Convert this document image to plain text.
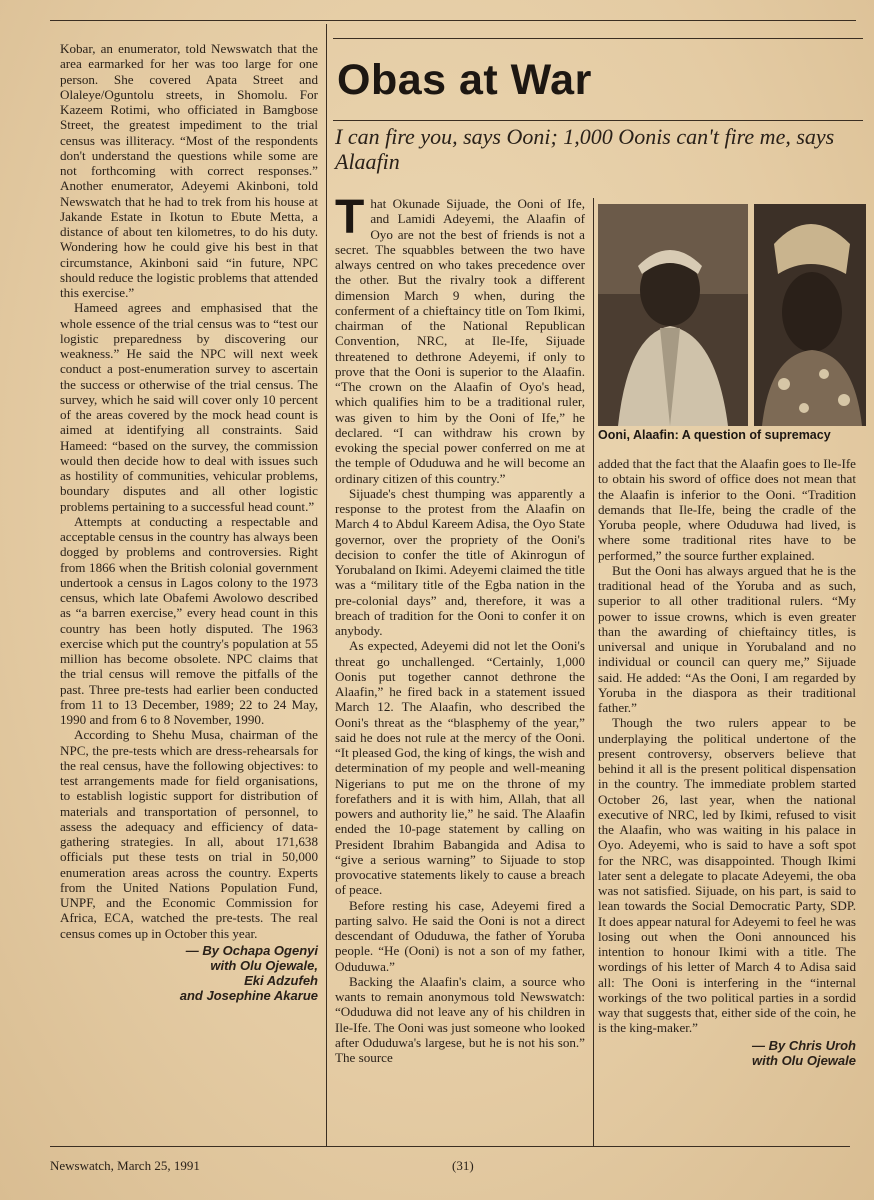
Kobar, an enumerator, told Newswatch that the area earmarked for her was too large for one person. She covered Apata Street and Olaleye/Oguntolu streets, in Shomolu. For Kazeem Rotimi, who officiated in Bamgbose Street, the greatest impediment to the trial census was illiteracy. “Most of the respondents don't understand the questions while some are not forthcoming with correct responses.” Another enumerator, Adeyemi Akinboni, told Newswatch that he had to trek from his house at Jakande Estate in Ikotun to Ebute Metta, a distance of about ten kilometres, to do his duty. Wondering how he could give his best in that circumstance, Akinboni said “in future, NPC should reduce the logistic problems that attended this exercise.”

Hameed agrees and emphasised that the whole essence of the trial census was to “test our logistic preparedness by discovering our weakness.” He said the NPC will next week conduct a post-enumeration survey to ascertain the success or otherwise of the trial census. The survey, which he said will cover only 10 percent of the areas covered by the mock head count is aimed at identifying all constraints. Said Hameed: “based on the survey, the commission would then decide how to deal with issues such as hostility of communities, vehicular problems, boundary disputes and all other logistic problems pertaining to a successful head count.”

Attempts at conducting a respectable and acceptable census in the country has always been dogged by problems and controversies. Right from 1866 when the British colonial government undertook a census in Lagos colony to the 1973 census, which late Obafemi Awolowo described as “a barren exercise,” every head count in this country has been hotly disputed. The 1963 exercise which put the country's population at 55 million has become obsolete. NPC claims that the trial census will remove the pitfalls of the past. Three pre-tests had earlier been conducted from 11 to 13 December, 1989; 22 to 24 May, 1990 and from 6 to 8 November, 1990.

According to Shehu Musa, chairman of the NPC, the pre-tests which are dress-rehearsals for the real census, have the following objectives: to test arrangements made for field organisations, to establish logistic support for distribution of materials and transportation of personnel, to assess the adequacy and efficiency of data-gathering strategies. In all, about 171,638 officials put these tests on trial in 50,000 enumeration areas across the country. Experts from the United Nations Population Fund, UNPF, and the Economic Commission for Africa, ECA, watched the pre-tests. The real census comes up in October this year.

— By Ochapa Ogenyi
with Olu Ojewale,
Eki Adzufeh
and Josephine Akarue
Obas at War
I can fire you, says Ooni; 1,000 Oonis can't fire me, says Alaafin

That Okunade Sijuade, the Ooni of Ife, and Lamidi Adeyemi, the Alaafin of Oyo are not the best of friends is not a secret. The squabbles between the two have always centred on who takes precedence over the other. But the rivalry took a different dimension March 9 when, during the conferment of a chieftaincy title on Tom Ikimi, chairman of the National Republican Convention, NRC, at Ile-Ife, Sijuade threatened to dethrone Adeyemi, if only to prove that the Ooni is superior to the Alaafin. “The crown on the Alaafin of Oyo's head, which qualifies him to be a traditional ruler, was given to him by the Ooni of Ife,” he declared. “I can withdraw his crown by evoking the special power conferred on me at the temple of Oduduwa and he will become an ordinary citizen of this country.”

Sijuade's chest thumping was apparently a response to the protest from the Alaafin on March 4 to Abdul Kareem Adisa, the Oyo State governor, over the propriety of the Ooni's decision to confer the title of Akinrogun of Yorubaland on Ikimi. Adeyemi claimed the title was a “military title of the Egba nation in the pre-colonial days” and, therefore, it was a breach of tradition for the Ooni to confer it on anybody.

As expected, Adeyemi did not let the Ooni's threat go unchallenged. “Certainly, 1,000 Oonis put together cannot dethrone the Alaafin,” he fired back in a statement issued March 12. The Alaafin, who described the Ooni's threat as the “blasphemy of the year,” said he does not rule at the mercy of the Ooni. “It pleased God, the king of kings, the wish and determination of my people and well-meaning Nigerians to put me on the throne of my forefathers and it is with him, Allah, that all powers and authority lie,” he said. The Alaafin ended the 10-page statement by calling on President Ibrahim Babangida and Adisa to “give a serious warning” to Sijuade to stop provocative statements likely to cause a breach of peace.

Before resting his case, Adeyemi fired a parting salvo. He said the Ooni is not a direct descendant of Oduduwa, the father of Yoruba people. “He (Ooni) is not a son of my father, Oduduwa.”

Backing the Alaafin's claim, a source who wants to remain anonymous told Newswatch: “Oduduwa did not leave any of his children in Ile-Ife. The Ooni was just someone who looked after Oduduwa's largese, but he is not his son.” The source

Ooni, Alaafin: A question of supremacy

added that the fact that the Alaafin goes to Ile-Ife to obtain his sword of office does not mean that the Alaafin is inferior to the Ooni. “Tradition demands that Ile-Ife, being the cradle of the Yoruba people, where Oduduwa had lived, is where some traditional rites have to be performed,” the source further explained.

But the Ooni has always argued that he is the traditional head of the Yoruba and as such, superior to all other traditional rulers. “My power to issue crowns, which is even greater than the awarding of chieftaincy titles, is universal and unique in Yorubaland and no individual or council can query me,” Sijuade said. He added: “As the Ooni, I am regarded by Yoruba in the diaspora as their traditional father.”

Though the two rulers appear to be underplaying the political undertone of the present controversy, observers believe that behind it all is the present political dispensation in the country. The immediate problem started October 26, last year, when the national executive of NRC, led by Ikimi, refused to visit the Alaafin, who was waiting in his palace in Oyo. Adeyemi, who is said to have a soft spot for the NRC, was disappointed. Though Ikimi later sent a delegate to placate Adeyemi, the oba was not satisfied. Sijuade, on his part, is said to lean towards the Social Democratic Party, SDP. It does appear natural for Adeyemi to feel he was losing out when the Ooni announced his intention to honour Ikimi with a title. The wordings of his letter of March 4 to Adisa said all: The Ooni is interfering in the “internal workings of the two political parties in a sordid way that suggests that, either side of the coin, he is the king-maker.”

— By Chris Uroh
with Olu Ojewale
Newswatch, March 25, 1991	(31)
